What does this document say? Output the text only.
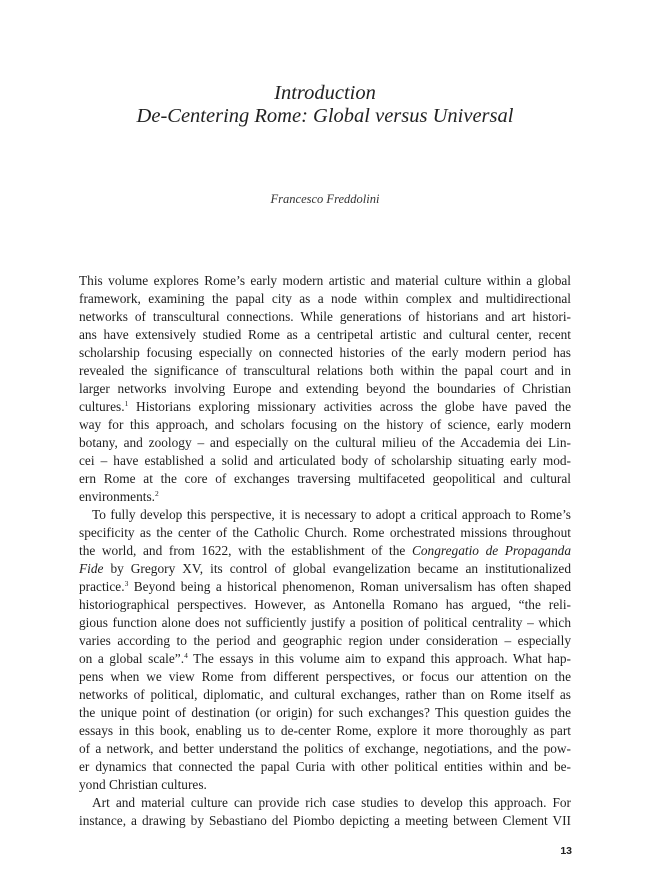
Introduction
De-Centering Rome: Global versus Universal
Francesco Freddolini
This volume explores Rome’s early modern artistic and material culture within a global
framework, examining the papal city as a node within complex and multidirectional
networks of transcultural connections. While generations of historians and art histori-
ans have extensively studied Rome as a centripetal artistic and cultural center, recent
scholarship focusing especially on connected histories of the early modern period has
revealed the significance of transcultural relations both within the papal court and in
larger networks involving Europe and extending beyond the boundaries of Christian
cultures.$^1$ Historians exploring missionary activities across the globe have paved the
way for this approach, and scholars focusing on the history of science, early modern
botany, and zoology – and especially on the cultural milieu of the Accademia dei Lin-
cei – have established a solid and articulated body of scholarship situating early mod-
ern Rome at the core of exchanges traversing multifaceted geopolitical and cultural
environments.$^2$
To fully develop this perspective, it is necessary to adopt a critical approach to Rome’s
specificity as the center of the Catholic Church. Rome orchestrated missions throughout
the world, and from 1622, with the establishment of the Congregatio de Propaganda
Fide by Gregory XV, its control of global evangelization became an institutionalized
practice.$^3$ Beyond being a historical phenomenon, Roman universalism has often shaped
historiographical perspectives. However, as Antonella Romano has argued, “the reli-
gious function alone does not sufficiently justify a position of political centrality – which
varies according to the period and geographic region under consideration – especially
on a global scale”.$^4$ The essays in this volume aim to expand this approach. What hap-
pens when we view Rome from different perspectives, or focus our attention on the
networks of political, diplomatic, and cultural exchanges, rather than on Rome itself as
the unique point of destination (or origin) for such exchanges? This question guides the
essays in this book, enabling us to de-center Rome, explore it more thoroughly as part
of a network, and better understand the politics of exchange, negotiations, and the pow-
er dynamics that connected the papal Curia with other political entities within and be-
yond Christian cultures.
Art and material culture can provide rich case studies to develop this approach. For
instance, a drawing by Sebastiano del Piombo depicting a meeting between Clement VII
13
